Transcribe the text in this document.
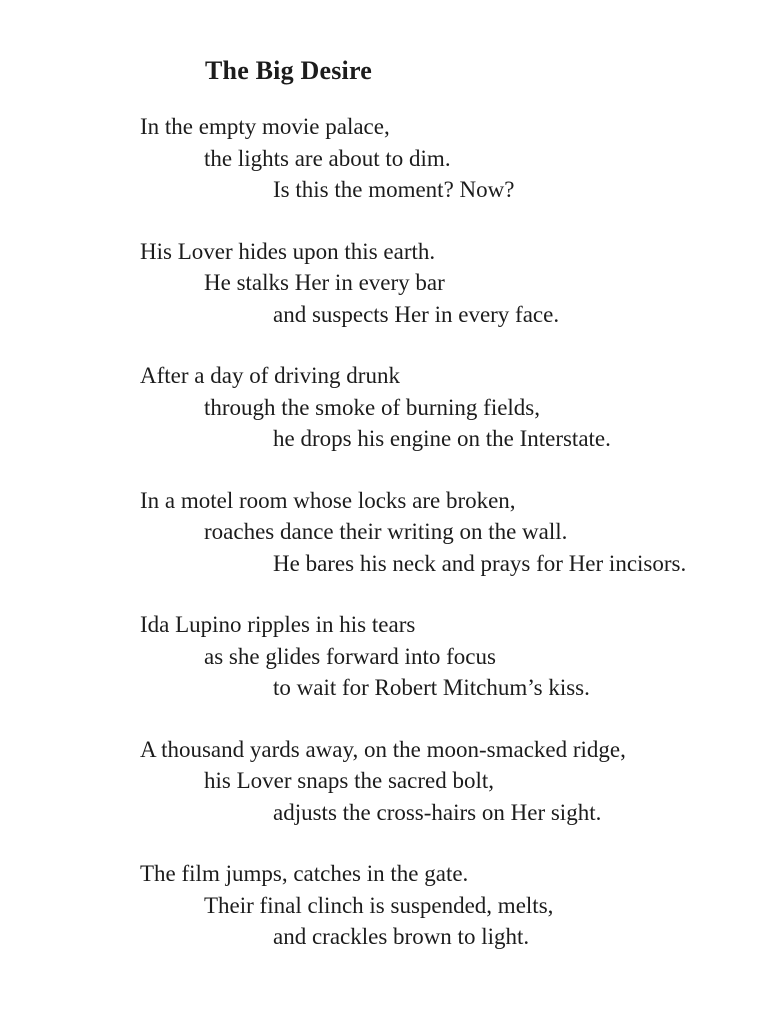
The Big Desire

In the empty movie palace,

the lights are about to dim.

Is this the moment? Now?

His Lover hides upon this earth.

He stalks Her in every bar

and suspects Her in every face.

After a day of driving drunk

through the smoke of burning fields,

he drops his engine on the Interstate.

In a motel room whose locks are broken,

roaches dance their writing on the wall.

He bares his neck and prays for Her incisors.

Ida Lupino ripples in his tears

as she glides forward into focus

to wait for Robert Mitchum’s kiss.

A thousand yards away, on the moon-smacked ridge,

his Lover snaps the sacred bolt,

adjusts the cross-hairs on Her sight.

The film jumps, catches in the gate.

Their final clinch is suspended, melts,

and crackles brown to light.
